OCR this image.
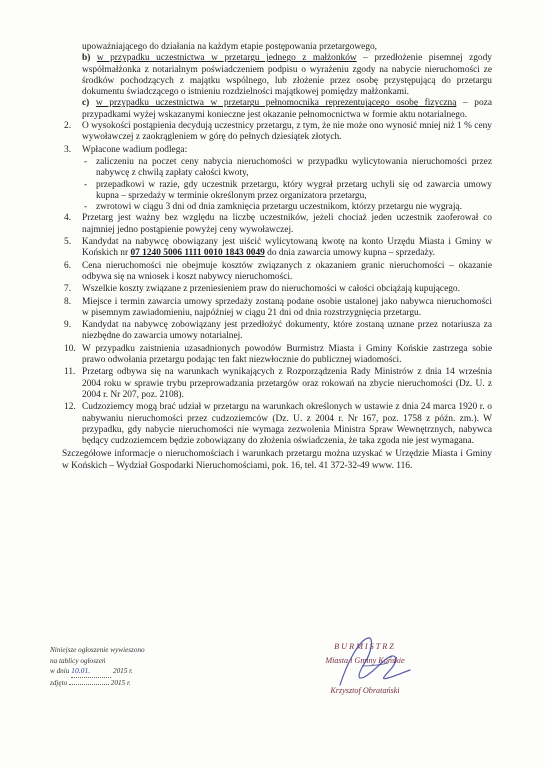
upoważniającego do działania na każdym etapie postępowania przetargowego,

b) w przypadku uczestnictwa w przetargu jednego z małżonków – przedłożenie pisemnej zgody współmałżonka z notarialnym poświadczeniem podpisu o wyrażeniu zgody na nabycie nieruchomości ze środków pochodzących z majątku wspólnego, lub złożenie przez osobę przystępującą do przetargu dokumentu świadczącego o istnieniu rozdzielności majątkowej pomiędzy małżonkami.

c) w przypadku uczestnictwa w przetargu pełnomocnika reprezentującego osobę fizyczną – poza przypadkami wyżej wskazanymi konieczne jest okazanie pełnomocnictwa w formie aktu notarialnego.

2. O wysokości postąpienia decydują uczestnicy przetargu, z tym, że nie może ono wynosić mniej niż 1 % ceny wywoławczej z zaokrągleniem w górę do pełnych dziesiątek złotych.
3. Wpłacone wadium podlega:
- zaliczeniu na poczet ceny nabycia nieruchomości w przypadku wylicytowania nieruchomości przez nabywcę z chwilą zapłaty całości kwoty,
- przepadkowi w razie, gdy uczestnik przetargu, który wygrał przetarg uchyli się od zawarcia umowy kupna – sprzedaży w terminie określonym przez organizatora przetargu,
- zwrotowi w ciągu 3 dni od dnia zamknięcia przetargu uczestnikom, którzy przetargu nie wygrają.
4. Przetarg jest ważny bez względu na liczbę uczestników, jeżeli chociaż jeden uczestnik zaoferował co najmniej jedno postąpienie powyżej ceny wywoławczej.
5. Kandydat na nabywcę obowiązany jest uiścić wylicytowaną kwotę na konto Urzędu Miasta i Gminy w Końskich nr 07 1240 5006 1111 0010 1843 0049 do dnia zawarcia umowy kupna – sprzedaży.
6. Cena nieruchomości nie obejmuje kosztów związanych z okazaniem granic nieruchomości – okazanie odbywa się na wniosek i koszt nabywcy nieruchomości.
7. Wszelkie koszty związane z przeniesieniem praw do nieruchomości w całości obciążają kupującego.
8. Miejsce i termin zawarcia umowy sprzedaży zostaną podane osobie ustalonej jako nabywca nieruchomości w pisemnym zawiadomieniu, najpóźniej w ciągu 21 dni od dnia rozstrzygnięcia przetargu.
9. Kandydat na nabywcę zobowiązany jest przedłożyć dokumenty, które zostaną uznane przez notariusza za niezbędne do zawarcia umowy notarialnej.
10. W przypadku zaistnienia uzasadnionych powodów Burmistrz Miasta i Gminy Końskie zastrzega sobie prawo odwołania przetargu podając ten fakt niezwłocznie do publicznej wiadomości.
11. Przetarg odbywa się na warunkach wynikających z Rozporządzenia Rady Ministrów z dnia 14 września 2004 roku w sprawie trybu przeprowadzania przetargów oraz rokowań na zbycie nieruchomości (Dz. U. z 2004 r. Nr 207, poz. 2108).
12. Cudzoziemcy mogą brać udział w przetargu na warunkach określonych w ustawie z dnia 24 marca 1920 r. o nabywaniu nieruchomości przez cudzoziemców (Dz. U. z 2004 r. Nr 167, poz. 1758 z późn. zm.). W przypadku, gdy nabycie nieruchomości nie wymaga zezwolenia Ministra Spraw Wewnętrznych, nabywca będący cudzoziemcem będzie zobowiązany do złożenia oświadczenia, że taka zgoda nie jest wymagana.

Szczegółowe informacje o nieruchomościach i warunkach przetargu można uzyskać w Urzędzie Miasta i Gminy w Końskich – Wydział Gospodarki Nieruchomościami, pok. 16, tel. 41 372-32-49 www. 116.

Niniejsze ogłoszenie wywieszono
na tablicy ogłoszeń
w dniu 10.01.	2015 r.
zdjęto	2015 r.
BURMISTRZ
Miasta i Gminy Końskie
Krzysztof Obratański
